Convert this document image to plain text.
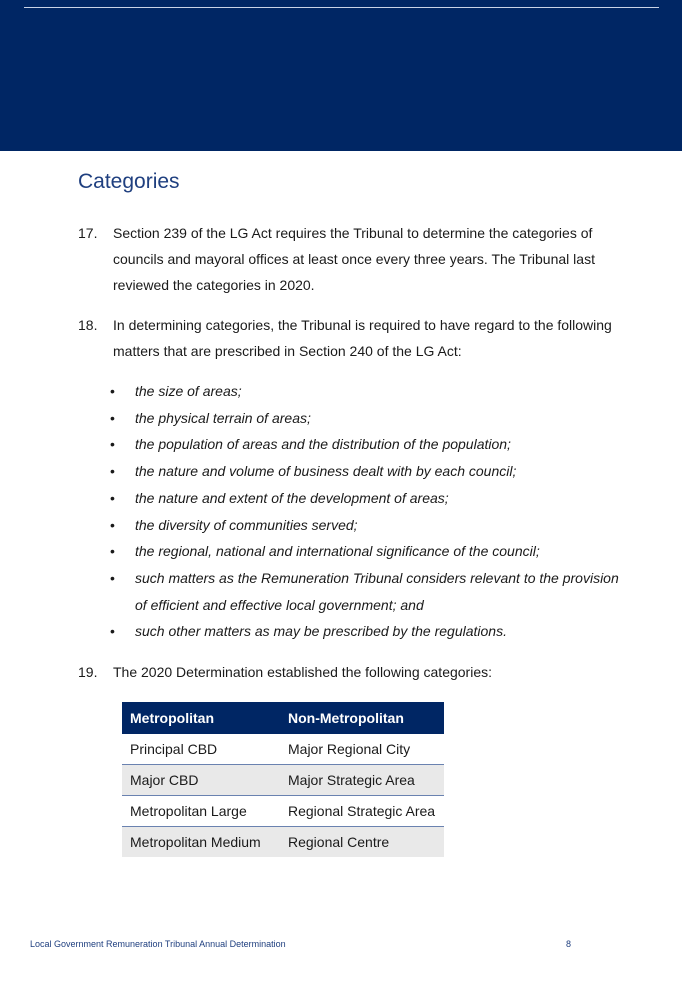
Categories
17. Section 239 of the LG Act requires the Tribunal to determine the categories of councils and mayoral offices at least once every three years. The Tribunal last reviewed the categories in 2020.
18. In determining categories, the Tribunal is required to have regard to the following matters that are prescribed in Section 240 of the LG Act:
• the size of areas;
• the physical terrain of areas;
• the population of areas and the distribution of the population;
• the nature and volume of business dealt with by each council;
• the nature and extent of the development of areas;
• the diversity of communities served;
• the regional, national and international significance of the council;
• such matters as the Remuneration Tribunal considers relevant to the provision of efficient and effective local government; and
• such other matters as may be prescribed by the regulations.
19. The 2020 Determination established the following categories:
Metropolitan	Non-Metropolitan
Principal CBD	Major Regional City
Major CBD	Major Strategic Area
Metropolitan Large	Regional Strategic Area
Metropolitan Medium	Regional Centre
Local Government Remuneration Tribunal Annual Determination	8
